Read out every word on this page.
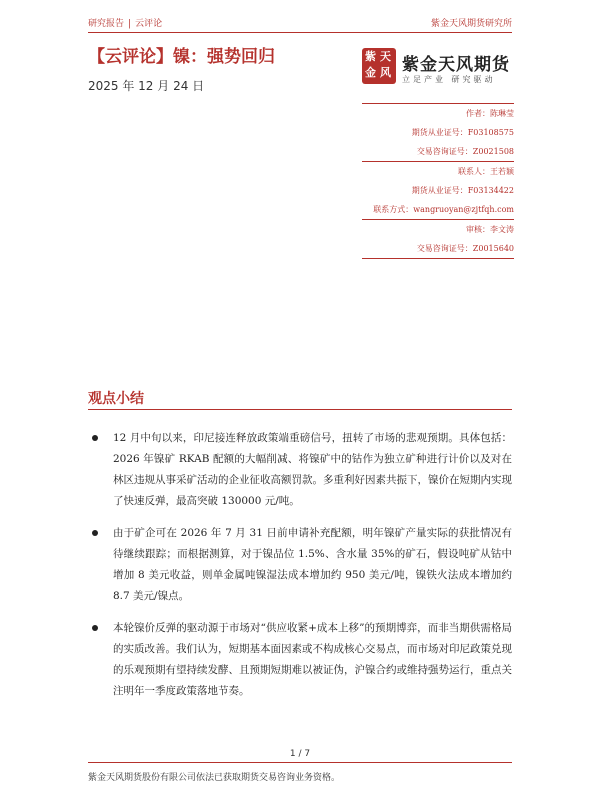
研究报告 | 云评论	紫金天风期货研究所
【云评论】镍：强势回归
2025 年 12 月 24 日
紫 天
金 风 紫金天风期货
立足产业 研究驱动
作者：陈琳莹
期货从业证号：F03108575
交易咨询证号：Z0021508
联系人：王若颖
期货从业证号：F03134422
联系方式：wangruoyan@zjtfqh.com
审核：李文涛
交易咨询证号：Z0015640
观点小结
12 月中旬以来，印尼接连释放政策端重磅信号，扭转了市场的悲观预期。具体包括：2026 年镍矿 RKAB 配额的大幅削减、将镍矿中的钴作为独立矿种进行计价以及对在林区违规从事采矿活动的企业征收高额罚款。多重利好因素共振下，镍价在短期内实现了快速反弹，最高突破 130000 元/吨。
由于矿企可在 2026 年 7 月 31 日前申请补充配额，明年镍矿产量实际的获批情况有待继续跟踪；而根据测算，对于镍品位 1.5%、含水量 35%的矿石，假设吨矿从钴中增加 8 美元收益，则单金属吨镍湿法成本增加约 950 美元/吨，镍铁火法成本增加约 8.7 美元/镍点。
本轮镍价反弹的驱动源于市场对“供应收紧+成本上移”的预期博弈，而非当期供需格局的实质改善。我们认为，短期基本面因素或不构成核心交易点，而市场对印尼政策兑现的乐观预期有望持续发酵、且预期短期难以被证伪，沪镍合约或维持强势运行，重点关注明年一季度政策落地节奏。
1 / 7
紫金天风期货股份有限公司依法已获取期货交易咨询业务资格。
